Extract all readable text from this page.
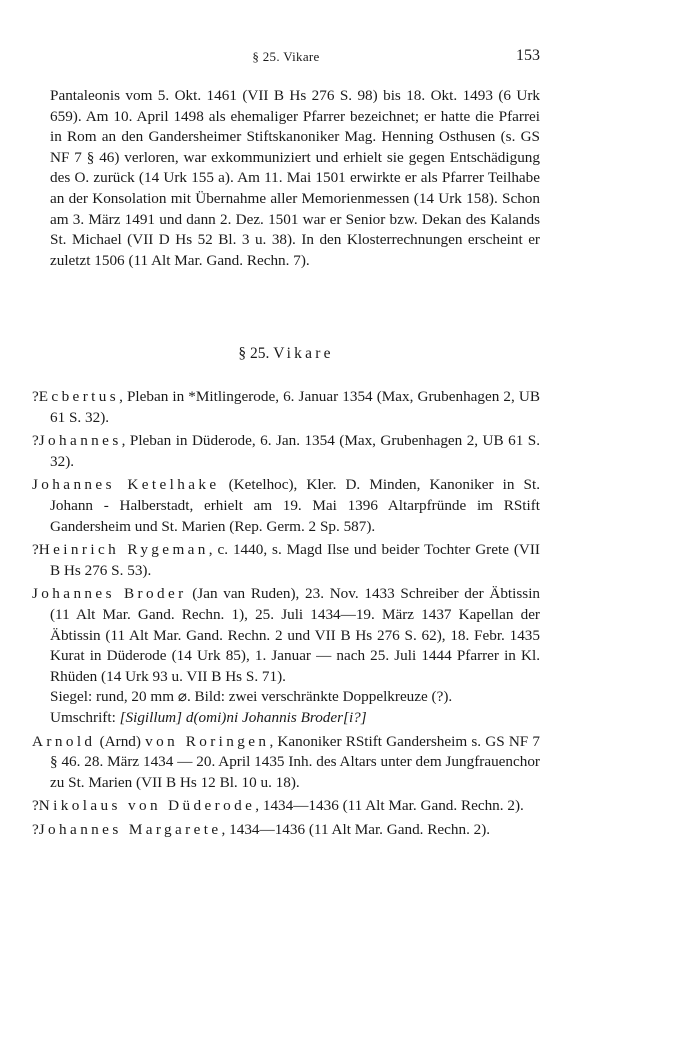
§ 25. Vikare	153

Pantaleonis vom 5. Okt. 1461 (VII B Hs 276 S. 98) bis 18. Okt. 1493 (6 Urk 659). Am 10. April 1498 als ehemaliger Pfarrer bezeichnet; er hatte die Pfarrei in Rom an den Gandersheimer Stiftskanoniker Mag. Henning Osthusen (s. GS NF 7 § 46) verloren, war exkommuniziert und erhielt sie gegen Entschädigung des O. zurück (14 Urk 155 a). Am 11. Mai 1501 erwirkte er als Pfarrer Teilhabe an der Konsolation mit Übernahme aller Memorienmessen (14 Urk 158). Schon am 3. März 1491 und dann 2. Dez. 1501 war er Senior bzw. Dekan des Kalands St. Michael (VII D Hs 52 Bl. 3 u. 38). In den Klosterrechnungen erscheint er zuletzt 1506 (11 Alt Mar. Gand. Rechn. 7).

§ 25. Vikare

?Ecbertus, Pleban in *Mitlingerode, 6. Januar 1354 (Max, Grubenhagen 2, UB 61 S. 32).

?Johannes, Pleban in Düderode, 6. Jan. 1354 (Max, Grubenhagen 2, UB 61 S. 32).

Johannes Ketelhake (Ketelhoc), Kler. D. Minden, Kanoniker in St. Johann - Halberstadt, erhielt am 19. Mai 1396 Altarpfründe im RStift Gandersheim und St. Marien (Rep. Germ. 2 Sp. 587).

?Heinrich Rygeman, c. 1440, s. Magd Ilse und beider Tochter Grete (VII B Hs 276 S. 53).

Johannes Broder (Jan van Ruden), 23. Nov. 1433 Schreiber der Äbtissin (11 Alt Mar. Gand. Rechn. 1), 25. Juli 1434—19. März 1437 Kapellan der Äbtissin (11 Alt Mar. Gand. Rechn. 2 und VII B Hs 276 S. 62), 18. Febr. 1435 Kurat in Düderode (14 Urk 85), 1. Januar — nach 25. Juli 1444 Pfarrer in Kl. Rhüden (14 Urk 93 u. VII B Hs S. 71).
Siegel: rund, 20 mm ⌀. Bild: zwei verschränkte Doppelkreuze (?).
Umschrift: [Sigillum] d(omi)ni Johannis Broder[i?]

Arnold (Arnd) von Roringen, Kanoniker RStift Gandersheim s. GS NF 7 § 46. 28. März 1434 — 20. April 1435 Inh. des Altars unter dem Jungfrauenchor zu St. Marien (VII B Hs 12 Bl. 10 u. 18).

?Nikolaus von Düderode, 1434—1436 (11 Alt Mar. Gand. Rechn. 2).

?Johannes Margarete, 1434—1436 (11 Alt Mar. Gand. Rechn. 2).
